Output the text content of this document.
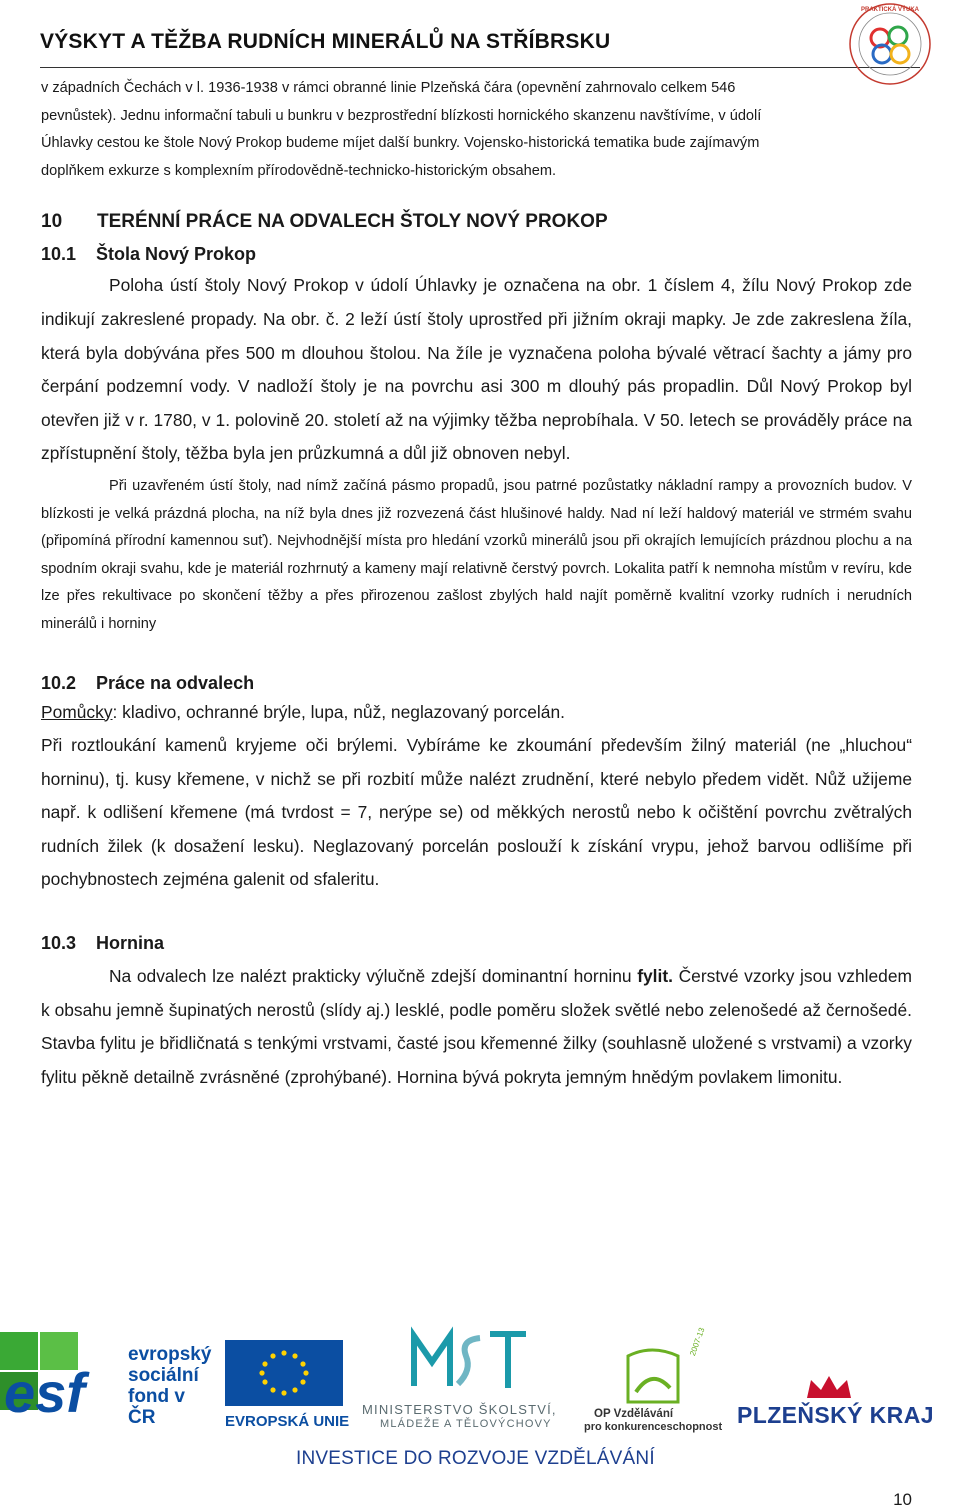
VÝSKYT A TĚŽBA RUDNÍCH MINERÁLŮ NA STŘÍBRSKU
PRAKTICKÁ VÝUKA

v západních Čechách v l. 1936-1938 v rámci obranné linie Plzeňská čára (opevnění zahrnovalo celkem 546
pevnůstek). Jednu informační tabuli u bunkru v bezprostřední blízkosti hornického skanzenu navštívíme, v údolí
Úhlavky cestou ke štole Nový Prokop budeme míjet další bunkry. Vojensko-historická tematika bude zajímavým
doplňkem exkurze s komplexním přírodovědně-technicko-historickým obsahem.

10 TERÉNNÍ PRÁCE NA ODVALECH ŠTOLY NOVÝ PROKOP
10.1 Štola Nový Prokop

Poloha ústí štoly Nový Prokop v údolí Úhlavky je označena na obr. 1 číslem 4, žílu Nový Prokop zde indikují zakreslené propady. Na obr. č. 2 leží ústí štoly uprostřed při jižním okraji mapky. Je zde zakreslena žíla, která byla dobývána přes 500 m dlouhou štolou. Na žíle je vyznačena poloha bývalé větrací šachty a jámy pro čerpání podzemní vody. V nadloží štoly je na povrchu asi 300 m dlouhý pás propadlin. Důl Nový Prokop byl otevřen již v r. 1780, v 1. polovině 20. století až na výjimky těžba neprobíhala. V 50. letech se prováděly práce na zpřístupnění štoly, těžba byla jen průzkumná a důl již obnoven nebyl.

Při uzavřeném ústí štoly, nad nímž začíná pásmo propadů, jsou patrné pozůstatky nákladní rampy a provozních budov. V blízkosti je velká prázdná plocha, na níž byla dnes již rozvezená část hlušinové haldy. Nad ní leží haldový materiál ve strmém svahu (připomíná přírodní kamennou suť). Nejvhodnější místa pro hledání vzorků minerálů jsou při okrajích lemujících prázdnou plochu a na spodním okraji svahu, kde je materiál rozhrnutý a kameny mají relativně čerstvý povrch. Lokalita patří k nemnoha místům v revíru, kde lze přes rekultivace po skončení těžby a přes přirozenou zašlost zbylých hald najít poměrně kvalitní vzorky rudních i nerudních minerálů i horniny

10.2 Práce na odvalech

Pomůcky: kladivo, ochranné brýle, lupa, nůž, neglazovaný porcelán.

Při roztloukání kamenů kryjeme oči brýlemi. Vybíráme ke zkoumání především žilný materiál (ne „hluchou“ horninu), tj. kusy křemene, v nichž se při rozbití může nalézt zrudnění, které nebylo předem vidět. Nůž užijeme např. k odlišení křemene (má tvrdost = 7, nerýpe se) od měkkých nerostů nebo k očištění povrchu zvětralých rudních žilek (k dosažení lesku). Neglazovaný porcelán poslouží k získání vrypu, jehož barvou odlišíme při pochybnostech zejména galenit od sfaleritu.

10.3 Hornina

Na odvalech lze nalézt prakticky výlučně zdejší dominantní horninu fylit. Čerstvé vzorky jsou vzhledem k obsahu jemně šupinatých nerostů (slídy aj.) lesklé, podle poměru složek světlé nebo zelenošedé až černošedé. Stavba fylitu je břidličnatá s tenkými vrstvami, časté jsou křemenné žilky (souhlasně uložené s vrstvami) a vzorky fylitu pěkně detailně zvrásněné (zprohýbané). Hornina bývá pokryta jemným hnědým povlakem limonitu.

esf
evropský
sociální
fond v ČR	EVROPSKÁ UNIE
MINISTERSTVO ŠKOLSTVÍ,
MLÁDEŽE A TĚLOVÝCHOVY
OP Vzdělávání
pro konkurenceschopnost
2007-13
PLZEŇSKÝ KRAJ
INVESTICE DO ROZVOJE VZDĚLÁVÁNÍ
10
